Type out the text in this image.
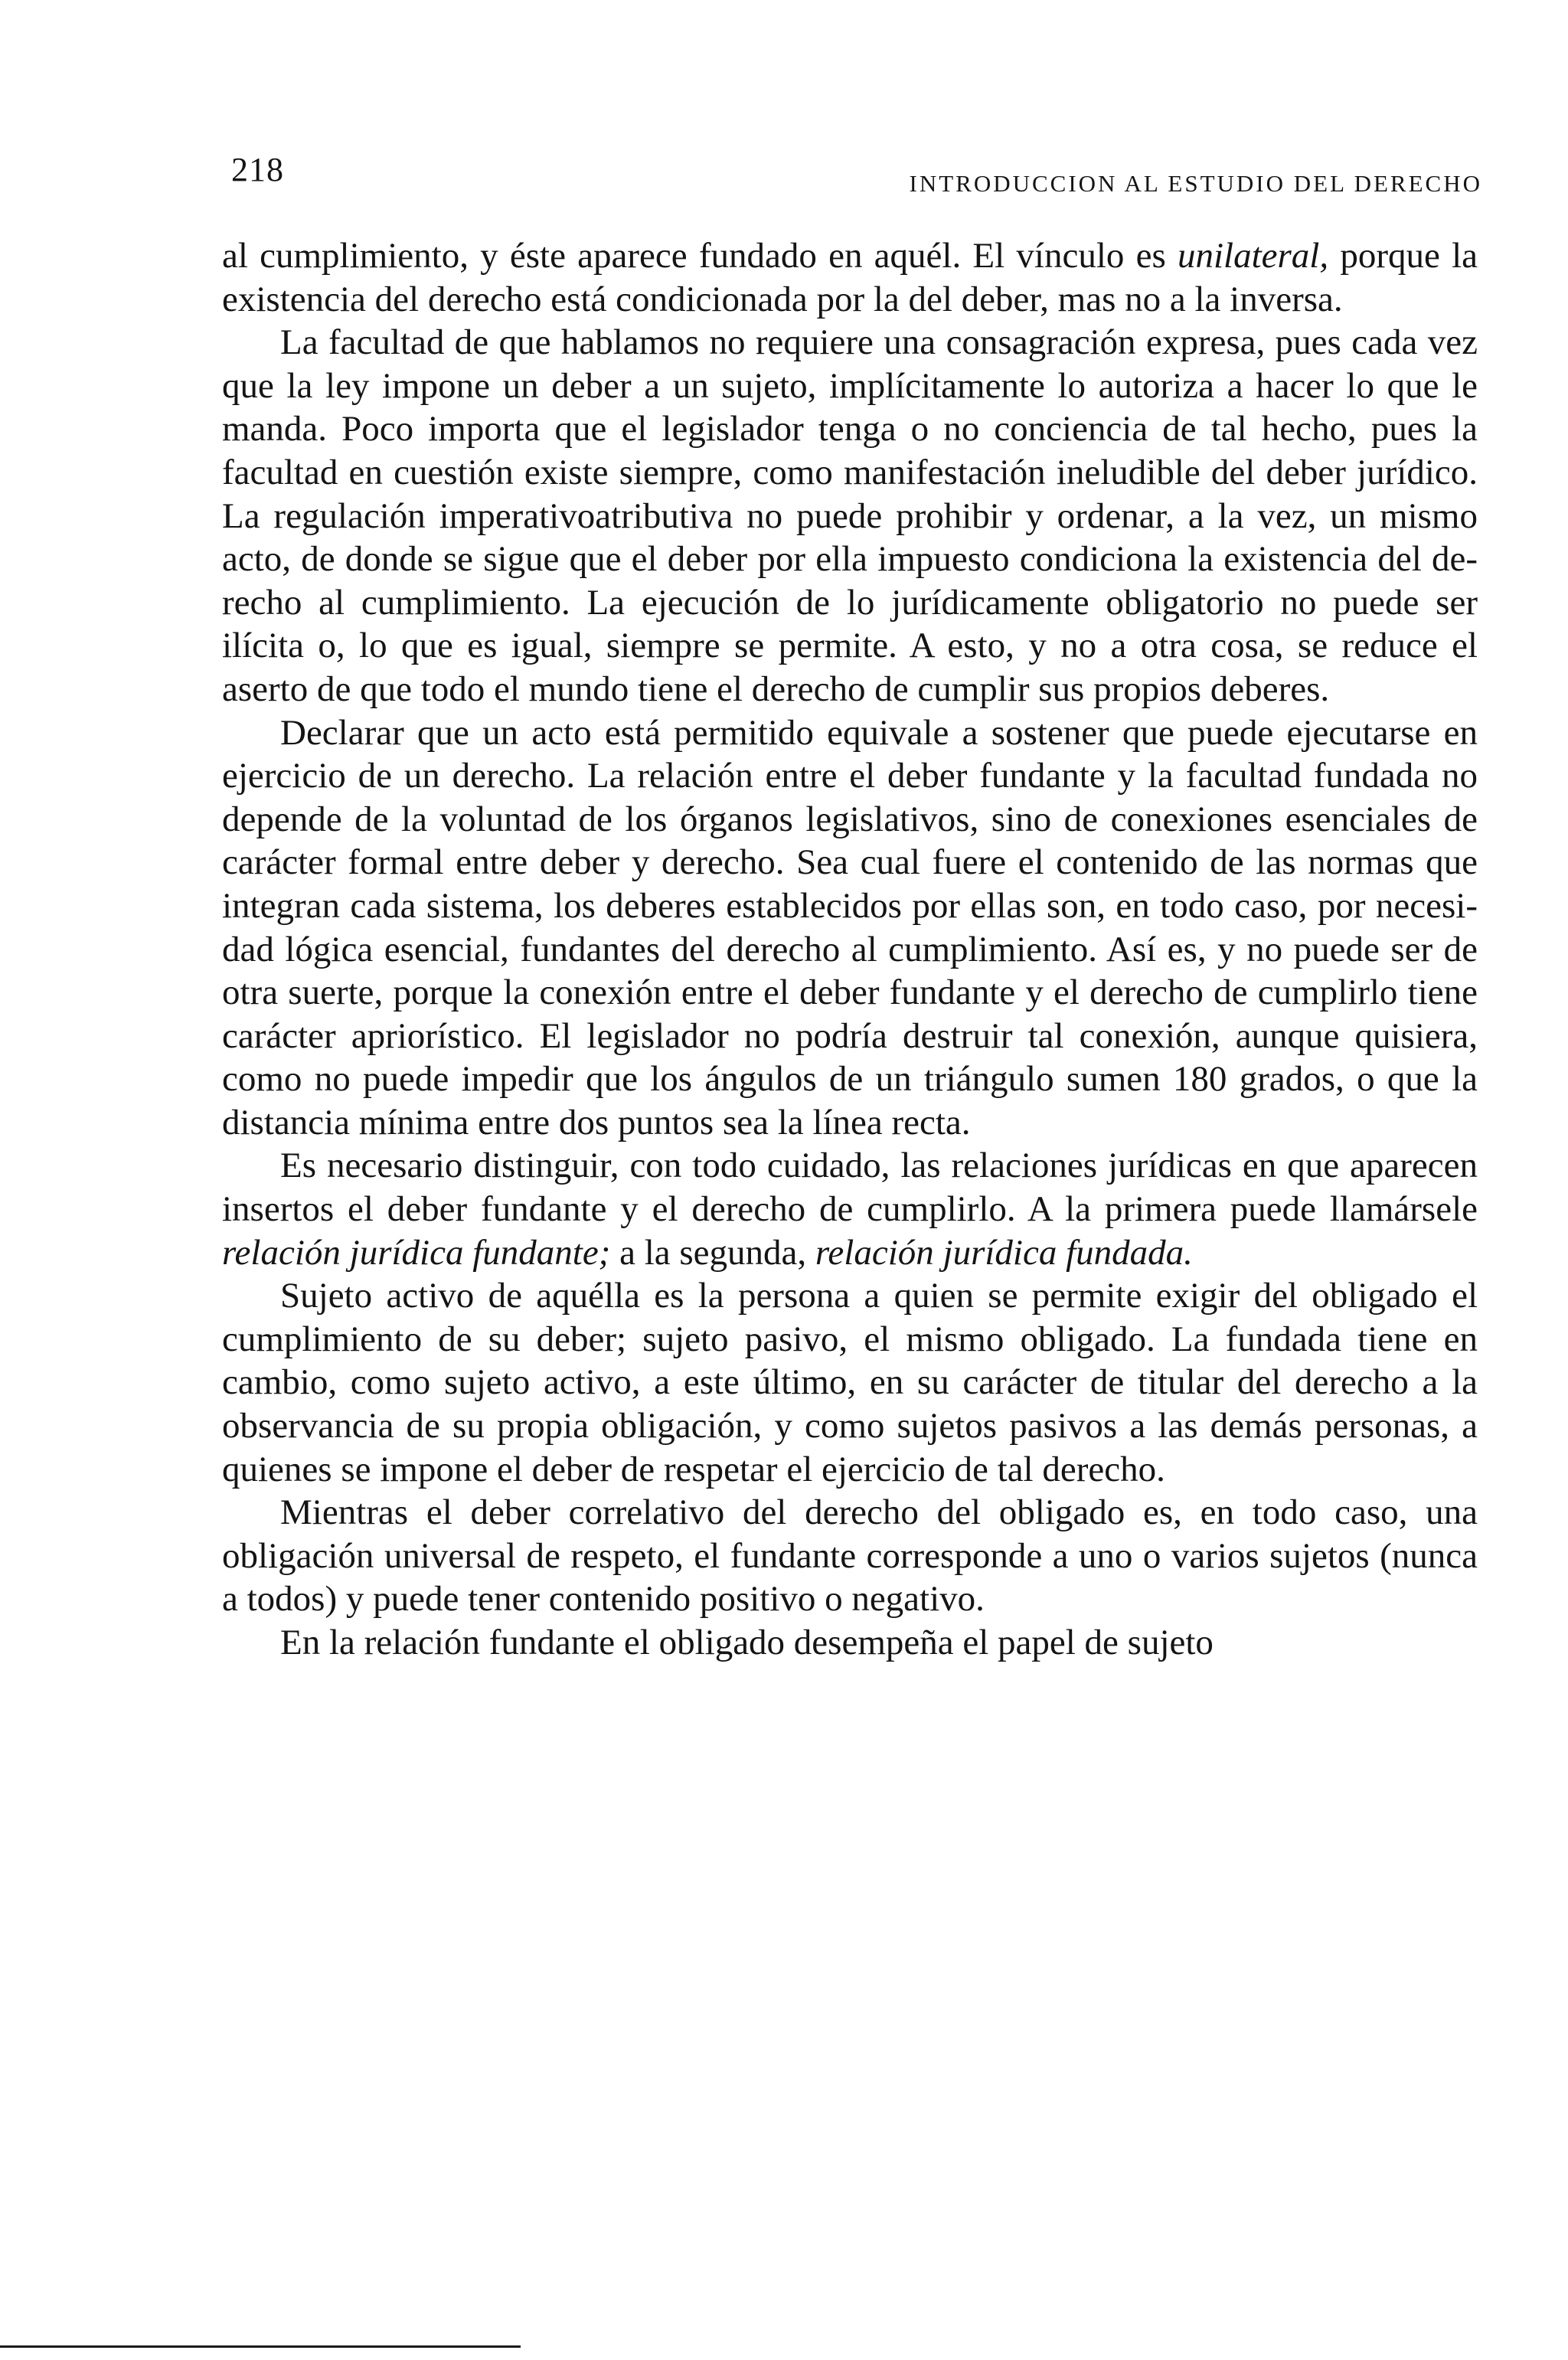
218	INTRODUCCION AL ESTUDIO DEL DERECHO

al cumplimiento, y éste aparece fundado en aquél. El vínculo es unilateral, porque la existencia del derecho está condicionada por la del deber, mas no a la inversa.

La facultad de que hablamos no requiere una consagración expresa, pues cada vez que la ley impone un deber a un sujeto, implícitamente lo autoriza a hacer lo que le manda. Poco importa que el legislador tenga o no conciencia de tal hecho, pues la facultad en cuestión existe siempre, como manifestación ineludible del deber jurídico. La regulación imperativoatributiva no puede prohibir y ordenar, a la vez, un mismo acto, de donde se sigue que el deber por ella impuesto condiciona la existencia del derecho al cumplimiento. La ejecución de lo jurídicamente obligatorio no puede ser ilícita o, lo que es igual, siempre se permite. A esto, y no a otra cosa, se reduce el aserto de que todo el mundo tiene el derecho de cumplir sus propios deberes.

Declarar que un acto está permitido equivale a sostener que puede ejecutarse en ejercicio de un derecho. La relación entre el deber fundante y la facultad fundada no depende de la voluntad de los órganos legislativos, sino de conexiones esenciales de carácter formal entre deber y derecho. Sea cual fuere el contenido de las normas que integran cada sistema, los deberes establecidos por ellas son, en todo caso, por necesidad lógica esencial, fundantes del derecho al cumplimiento. Así es, y no puede ser de otra suerte, porque la conexión entre el deber fundante y el derecho de cumplirlo tiene carácter apriorístico. El legislador no podría destruir tal conexión, aunque quisiera, como no puede impedir que los ángulos de un triángulo sumen 180 grados, o que la distancia mínima entre dos puntos sea la línea recta.

Es necesario distinguir, con todo cuidado, las relaciones jurídicas en que aparecen insertos el deber fundante y el derecho de cumplirlo. A la primera puede llamársele relación jurídica fundante; a la segunda, relación jurídica fundada.

Sujeto activo de aquélla es la persona a quien se permite exigir del obligado el cumplimiento de su deber; sujeto pasivo, el mismo obligado. La fundada tiene en cambio, como sujeto activo, a este último, en su carácter de titular del derecho a la observancia de su propia obligación, y como sujetos pasivos a las demás personas, a quienes se impone el deber de respetar el ejercicio de tal derecho.

Mientras el deber correlativo del derecho del obligado es, en todo caso, una obligación universal de respeto, el fundante corresponde a uno o varios sujetos (nunca a todos) y puede tener contenido positivo o negativo.

En la relación fundante el obligado desempeña el papel de sujeto
